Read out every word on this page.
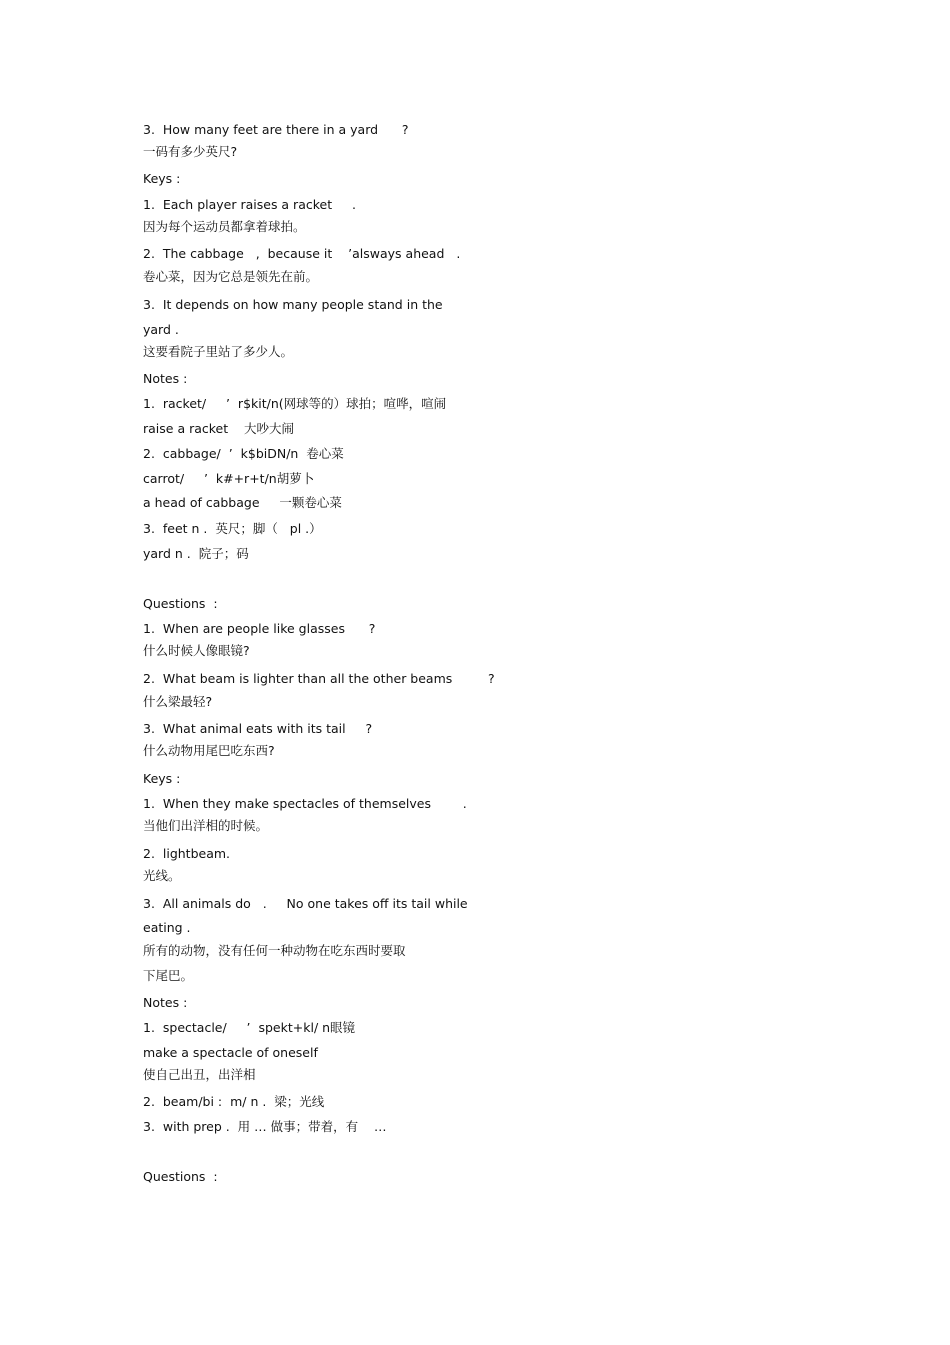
3.  How many feet are there in a yard      ?

一码有多少英尺?

Keys :

1.  Each player raises a racket     .

因为每个运动员都拿着球拍。

2.  The cabbage   ,  because it    ’alsways ahead   .

卷心菜，因为它总是领先在前。

3.  It depends on how many people stand in the

yard .

这要看院子里站了多少人。

Notes :

1.  racket/     ’  r$kit/n(网球等的）球拍；喧哗，喧闹

raise a racket    大吵大闹

2.  cabbage/  ’  k$biDN/n  卷心菜

carrot/     ’  k#+r+t/n胡萝卜

a head of cabbage     一颗卷心菜

3.  feet n .  英尺；脚（   pl .）

yard n .  院子；码

Questions  :

1.  When are people like glasses      ?

什么时候人像眼镜?

2.  What beam is lighter than all the other beams         ?

什么梁最轻?

3.  What animal eats with its tail     ?

什么动物用尾巴吃东西?

Keys :

1.  When they make spectacles of themselves        .

当他们出洋相的时候。

2.  lightbeam.

光线。

3.  All animals do   .     No one takes off its tail while

eating .

所有的动物，没有任何一种动物在吃东西时要取

下尾巴。

Notes :

1.  spectacle/     ’  spekt+kl/ n眼镜

make a spectacle of oneself

使自己出丑，出洋相

2.  beam/bi :  m/ n .  梁；光线

3.  with prep .  用 … 做事；带着，有    …

Questions  :
